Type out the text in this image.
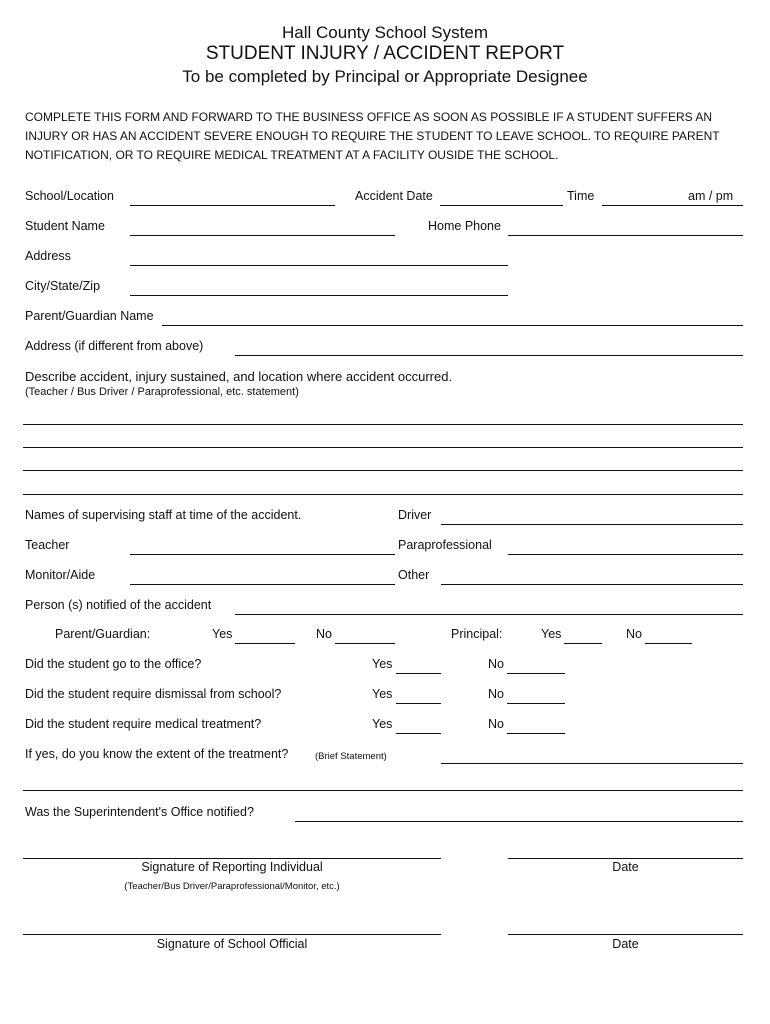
Hall County School System
STUDENT INJURY / ACCIDENT REPORT
To be completed by Principal or Appropriate Designee
COMPLETE THIS FORM AND FORWARD TO THE BUSINESS OFFICE AS SOON AS POSSIBLE IF A STUDENT SUFFERS AN
INJURY OR HAS AN ACCIDENT SEVERE ENOUGH TO REQUIRE THE STUDENT TO LEAVE SCHOOL. TO REQUIRE PARENT
NOTIFICATION, OR TO REQUIRE MEDICAL TREATMENT AT A FACILITY OUSIDE THE SCHOOL.
School/Location	Accident Date	Time	am / pm
Student Name	Home Phone
Address
City/State/Zip
Parent/Guardian Name
Address (if different from above)
Describe accident, injury sustained, and location where accident occurred.
(Teacher / Bus Driver / Paraprofessional, etc. statement)
Names of supervising staff at time of the accident.	Driver
Teacher	Paraprofessional
Monitor/Aide	Other
Person (s) notified of the accident
Parent/Guardian:	Yes	No	Principal:	Yes	No
Did the student go to the office?	Yes	No
Did the student require dismissal from school?	Yes	No
Did the student require medical treatment?	Yes	No
If yes, do you know the extent of the treatment?	(Brief Statement)
Was the Superintendent's Office notified?
Signature of Reporting Individual	Date
(Teacher/Bus Driver/Paraprofessional/Monitor, etc.)
Signature of School Official	Date
